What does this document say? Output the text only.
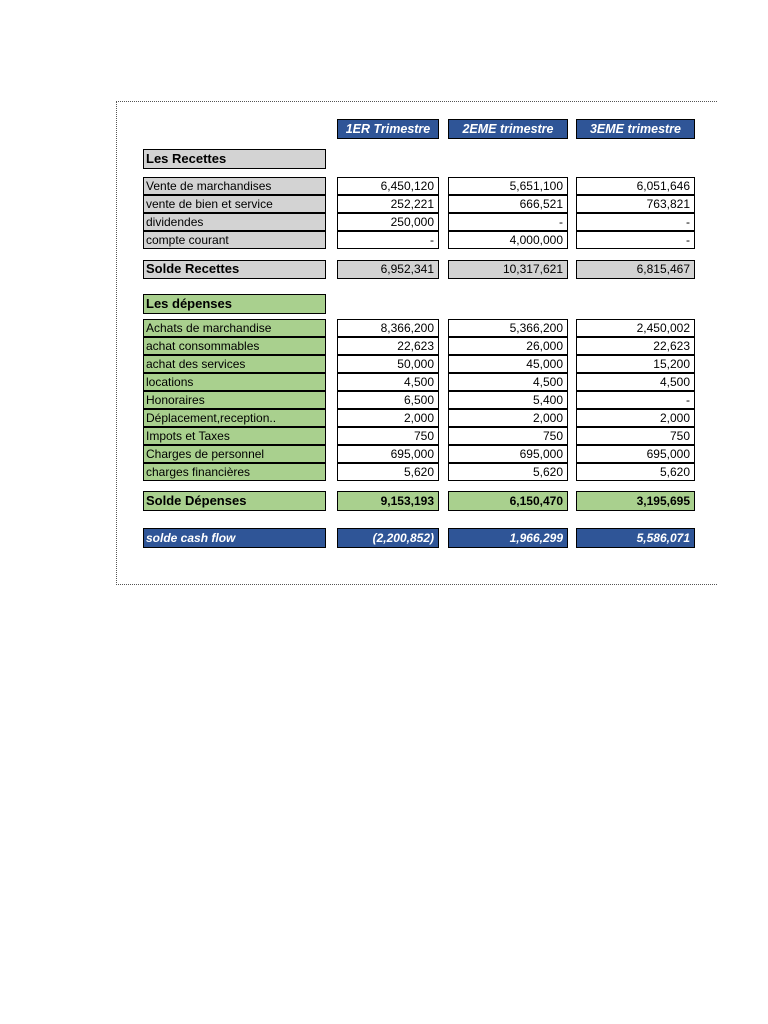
1ER Trimestre	2EME trimestre	3EME trimestre
Les Recettes
Vente de marchandises	6,450,120	5,651,100	6,051,646
vente de bien et service	252,221	666,521	763,821
dividendes	250,000	-	-
compte courant	-	4,000,000	-
Solde Recettes	6,952,341	10,317,621	6,815,467
Les dépenses
Achats de marchandise	8,366,200	5,366,200	2,450,002
achat consommables	22,623	26,000	22,623
achat des services	50,000	45,000	15,200
locations	4,500	4,500	4,500
Honoraires	6,500	5,400	-
Déplacement,reception..	2,000	2,000	2,000
Impots et Taxes	750	750	750
Charges de personnel	695,000	695,000	695,000
charges financières	5,620	5,620	5,620
Solde Dépenses	9,153,193	6,150,470	3,195,695
solde cash flow	(2,200,852)	1,966,299	5,586,071
